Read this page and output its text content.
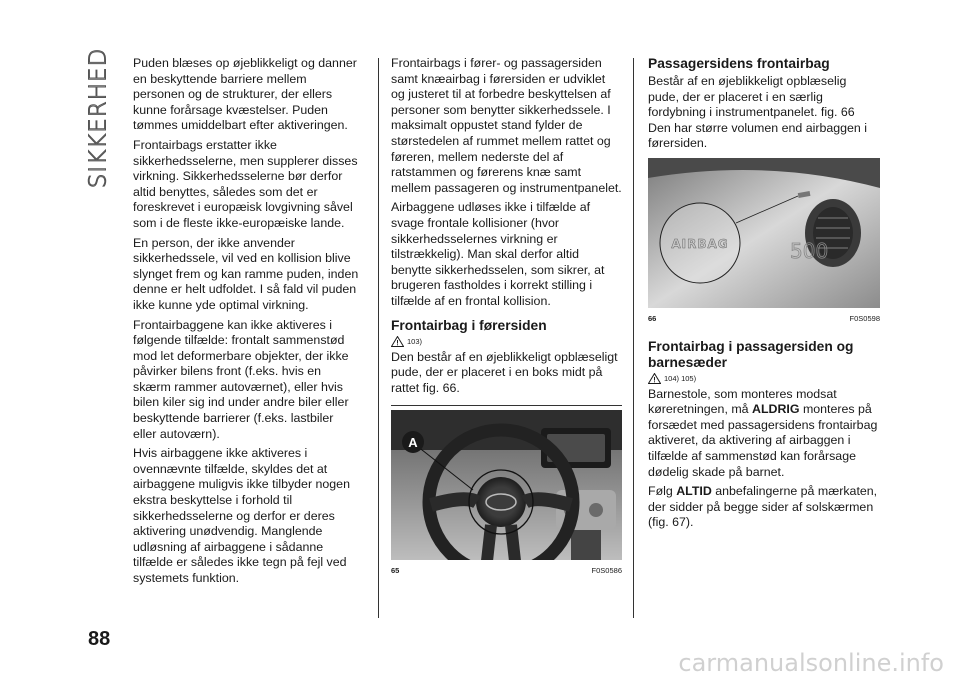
SIKKERHED Puden blæses op øjeblikkeligt og danner en beskyttende barriere mellem personen og de strukturer, der ellers kunne forårsage kvæstelser. Puden tømmes umiddelbart efter aktiveringen.

Frontairbags erstatter ikke sikkerhedsselerne, men supplerer disses virkning. Sikkerhedsselerne bør derfor altid benyttes, således som det er foreskrevet i europæisk lovgivning såvel som i de fleste ikke-europæiske lande.

En person, der ikke anvender sikkerhedssele, vil ved en kollision blive slynget frem og kan ramme puden, inden denne er helt udfoldet. I så fald vil puden ikke kunne yde optimal virkning.

Frontairbaggene kan ikke aktiveres i følgende tilfælde: frontalt sammenstød mod let deformerbare objekter, der ikke påvirker bilens front (f.eks. hvis en skærm rammer autoværnet), eller hvis bilen kiler sig ind under andre biler eller beskyttende barrierer (f.eks. lastbiler eller autoværn).

Hvis airbaggene ikke aktiveres i ovennævnte tilfælde, skyldes det at airbaggene muligvis ikke tilbyder nogen ekstra beskyttelse i forhold til sikkerhedsselerne og derfor er deres aktivering unødvendig. Manglende udløsning af airbaggene i sådanne tilfælde er således ikke tegn på fejl ved systemets funktion.

Frontairbags i fører- og passagersiden samt knæairbag i førersiden er udviklet og justeret til at forbedre beskyttelsen af personer som benytter sikkerhedssele. I maksimalt oppustet stand fylder de størstedelen af rummet mellem rattet og føreren, mellem nederste del af ratstammen og førerens knæ samt mellem passageren og instrumentpanelet.

Airbaggene udløses ikke i tilfælde af svage frontale kollisioner (hvor sikkerhedsselernes virkning er tilstrækkelig). Man skal derfor altid benytte sikkerhedsselen, som sikrer, at brugeren fastholdes i korrekt stilling i tilfælde af en frontal kollision.

Frontairbag i førersiden
103)

Den består af en øjeblikkeligt opblæseligt pude, der er placeret i en boks midt på rattet fig. 66.

A
65	F0S0586
Passagersidens frontairbag

Består af en øjeblikkeligt opblæselig pude, der er placeret i en særlig fordybning i instrumentpanelet. fig. 66 Den har større volumen end airbaggen i førersiden.

500
AIRBAG
66	F0S0598
Frontairbag i passagersiden og barnesæder
104) 105)

Barnestole, som monteres modsat køreretningen, må ALDRIG monteres på forsædet med passagersidens frontairbag aktiveret, da aktivering af airbaggen i tilfælde af sammenstød kan forårsage dødelig skade på barnet.

Følg ALTID anbefalingerne på mærkaten, der sidder på begge sider af solskærmen (fig. 67).

88
carmanualsonline.info
